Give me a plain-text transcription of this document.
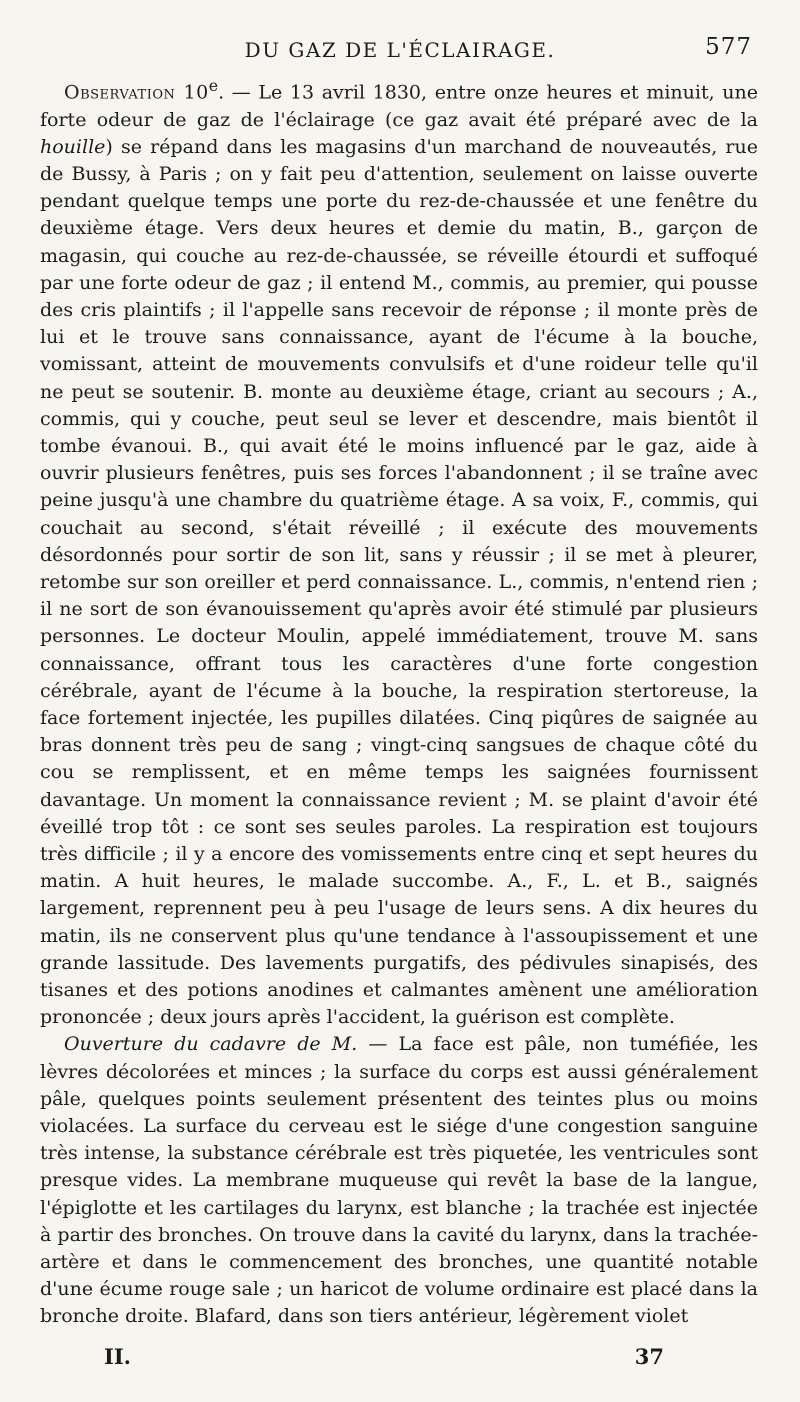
DU GAZ DE L'ÉCLAIRAGE.	577

Observation 10e. — Le 13 avril 1830, entre onze heures et minuit, une forte odeur de gaz de l'éclairage (ce gaz avait été préparé avec de la houille) se répand dans les magasins d'un marchand de nouveautés, rue de Bussy, à Paris ; on y fait peu d'attention, seulement on laisse ouverte pendant quelque temps une porte du rez-de-chaussée et une fenêtre du deuxième étage. Vers deux heures et demie du matin, B., garçon de magasin, qui couche au rez-de-chaussée, se réveille étourdi et suffoqué par une forte odeur de gaz ; il entend M., commis, au premier, qui pousse des cris plaintifs ; il l'appelle sans recevoir de réponse ; il monte près de lui et le trouve sans connaissance, ayant de l'écume à la bouche, vomissant, atteint de mouvements convulsifs et d'une roideur telle qu'il ne peut se soutenir. B. monte au deuxième étage, criant au secours ; A., commis, qui y couche, peut seul se lever et descendre, mais bientôt il tombe évanoui. B., qui avait été le moins influencé par le gaz, aide à ouvrir plusieurs fenêtres, puis ses forces l'abandonnent ; il se traîne avec peine jusqu'à une chambre du quatrième étage. A sa voix, F., commis, qui couchait au second, s'était réveillé ; il exécute des mouvements désordonnés pour sortir de son lit, sans y réussir ; il se met à pleurer, retombe sur son oreiller et perd connaissance. L., commis, n'entend rien ; il ne sort de son évanouissement qu'après avoir été stimulé par plusieurs personnes. Le docteur Moulin, appelé immédiatement, trouve M. sans connaissance, offrant tous les caractères d'une forte congestion cérébrale, ayant de l'écume à la bouche, la respiration stertoreuse, la face fortement injectée, les pupilles dilatées. Cinq piqûres de saignée au bras donnent très peu de sang ; vingt-cinq sangsues de chaque côté du cou se remplissent, et en même temps les saignées fournissent davantage. Un moment la connaissance revient ; M. se plaint d'avoir été éveillé trop tôt : ce sont ses seules paroles. La respiration est toujours très difficile ; il y a encore des vomissements entre cinq et sept heures du matin. A huit heures, le malade succombe. A., F., L. et B., saignés largement, reprennent peu à peu l'usage de leurs sens. A dix heures du matin, ils ne conservent plus qu'une tendance à l'assoupissement et une grande lassitude. Des lavements purgatifs, des pédivules sinapisés, des tisanes et des potions anodines et calmantes amènent une amélioration prononcée ; deux jours après l'accident, la guérison est complète.

Ouverture du cadavre de M. — La face est pâle, non tuméfiée, les lèvres décolorées et minces ; la surface du corps est aussi généralement pâle, quelques points seulement présentent des teintes plus ou moins violacées. La surface du cerveau est le siége d'une congestion sanguine très intense, la substance cérébrale est très piquetée, les ventricules sont presque vides. La membrane muqueuse qui revêt la base de la langue, l'épiglotte et les cartilages du larynx, est blanche ; la trachée est injectée à partir des bronches. On trouve dans la cavité du larynx, dans la trachée-artère et dans le commencement des bronches, une quantité notable d'une écume rouge sale ; un haricot de volume ordinaire est placé dans la bronche droite. Blafard, dans son tiers antérieur, légèrement violet

II.	37
